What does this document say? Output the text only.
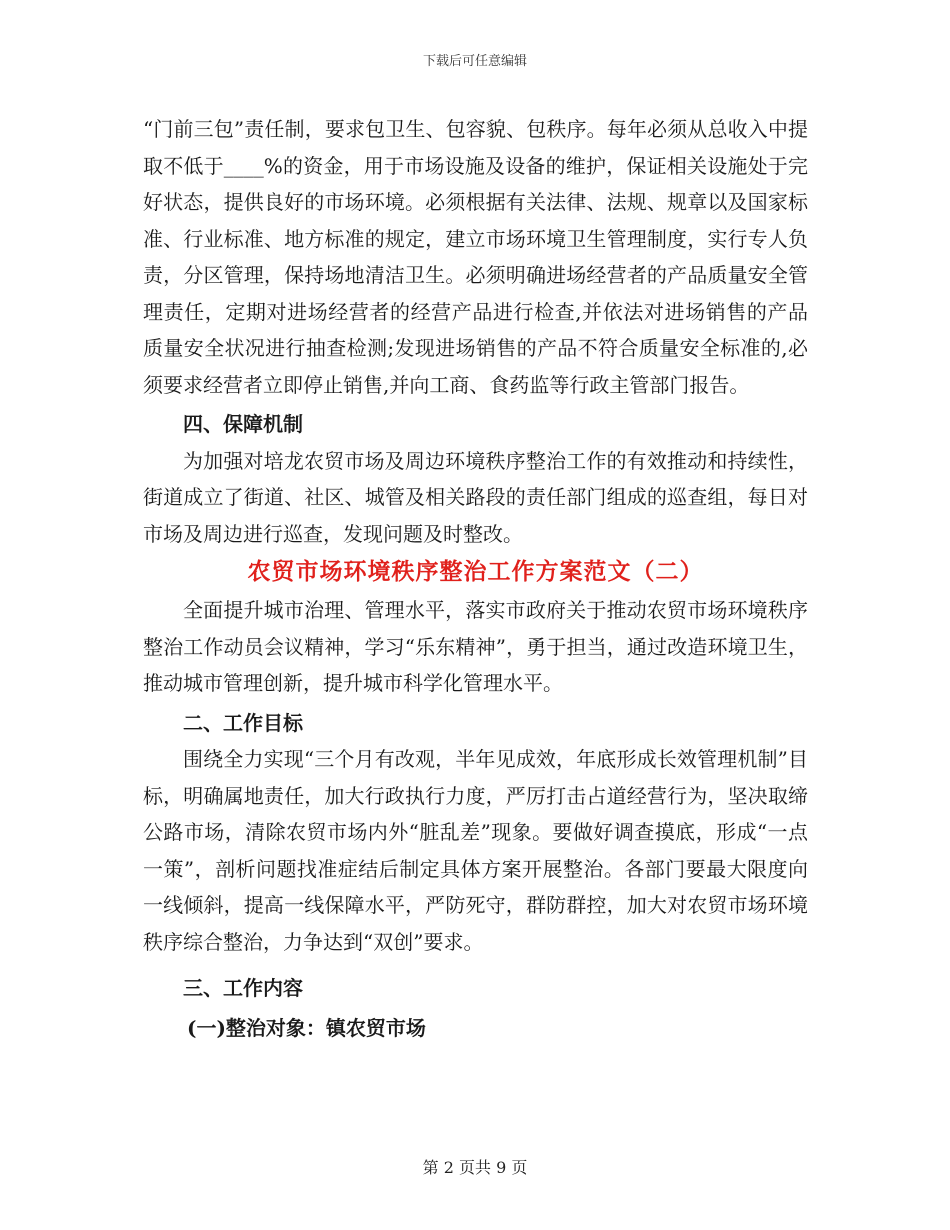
下载后可任意编辑

“门前三包”责任制，要求包卫生、包容貌、包秩序。每年必须从总收入中提取不低于____%的资金，用于市场设施及设备的维护，保证相关设施处于完好状态，提供良好的市场环境。必须根据有关法律、法规、规章以及国家标准、行业标准、地方标准的规定，建立市场环境卫生管理制度，实行专人负责，分区管理，保持场地清洁卫生。必须明确进场经营者的产品质量安全管理责任，定期对进场经营者的经营产品进行检查,并依法对进场销售的产品质量安全状况进行抽查检测;发现进场销售的产品不符合质量安全标准的,必须要求经营者立即停止销售,并向工商、食药监等行政主管部门报告。

四、保障机制

为加强对培龙农贸市场及周边环境秩序整治工作的有效推动和持续性，街道成立了街道、社区、城管及相关路段的责任部门组成的巡查组，每日对市场及周边进行巡查，发现问题及时整改。

农贸市场环境秩序整治工作方案范文（二）

全面提升城市治理、管理水平，落实市政府关于推动农贸市场环境秩序整治工作动员会议精神，学习“乐东精神”，勇于担当，通过改造环境卫生，推动城市管理创新，提升城市科学化管理水平。

二、工作目标

围绕全力实现“三个月有改观，半年见成效，年底形成长效管理机制”目标，明确属地责任，加大行政执行力度，严厉打击占道经营行为，坚决取缔公路市场，清除农贸市场内外“脏乱差”现象。要做好调查摸底，形成“一点一策”，剖析问题找准症结后制定具体方案开展整治。各部门要最大限度向一线倾斜，提高一线保障水平，严防死守，群防群控，加大对农贸市场环境秩序综合整治，力争达到“双创”要求。

三、工作内容

(一)整治对象：镇农贸市场

第 2 页共 9 页
